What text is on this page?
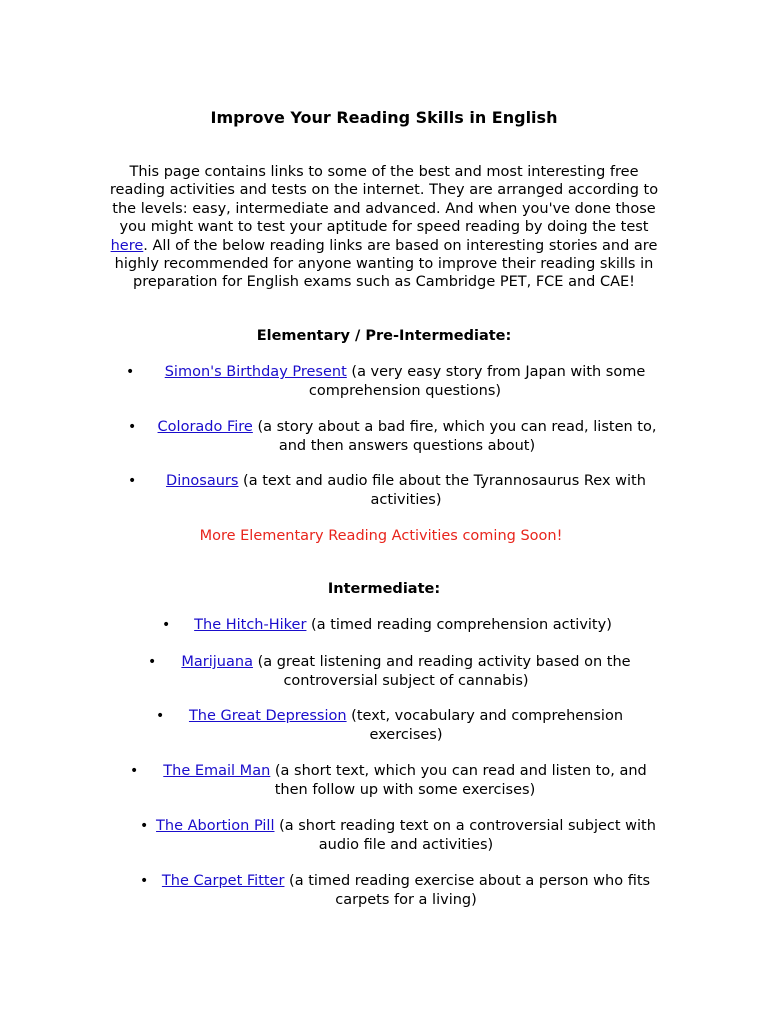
Improve Your Reading Skills in English

This page contains links to some of the best and most interesting free reading activities and tests on the internet. They are arranged according to the levels: easy, intermediate and advanced. And when you've done those you might want to test your aptitude for speed reading by doing the test here. All of the below reading links are based on interesting stories and are highly recommended for anyone wanting to improve their reading skills in preparation for English exams such as Cambridge PET, FCE and CAE!

Elementary / Pre-Intermediate:
•	Simon's Birthday Present (a very easy story from Japan with some comprehension questions)

•	Colorado Fire (a story about a bad fire, which you can read, listen to, and then answers questions about)

•	Dinosaurs (a text and audio file about the Tyrannosaurus Rex with activities)

More Elementary Reading Activities coming Soon!

Intermediate:
•	The Hitch-Hiker (a timed reading comprehension activity)

•	Marijuana (a great listening and reading activity based on the controversial subject of cannabis)

•	The Great Depression (text, vocabulary and comprehension exercises)

•	The Email Man (a short text, which you can read and listen to, and then follow up with some exercises)

• The Abortion Pill (a short reading text on a controversial subject with audio file and activities)

• The Carpet Fitter (a timed reading exercise about a person who fits carpets for a living)
